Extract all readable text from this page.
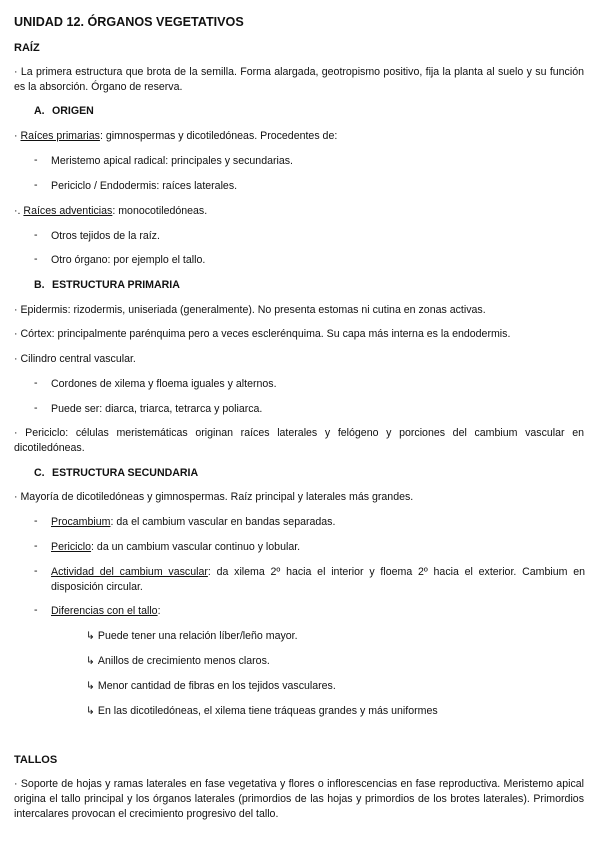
UNIDAD 12. ÓRGANOS VEGETATIVOS
RAÍZ
· La primera estructura que brota de la semilla. Forma alargada, geotropismo positivo, fija la planta al suelo y su función es la absorción. Órgano de reserva.
A. ORIGEN
· Raíces primarias: gimnospermas y dicotiledóneas. Procedentes de:
- Meristemo apical radical: principales y secundarias.
- Periciclo / Endodermis: raíces laterales.
·. Raíces adventicias: monocotiledóneas.
- Otros tejidos de la raíz.
- Otro órgano: por ejemplo el tallo.
B. ESTRUCTURA PRIMARIA
· Epidermis: rizodermis, uniseriada (generalmente). No presenta estomas ni cutina en zonas activas.
· Córtex: principalmente parénquima pero a veces esclerénquima. Su capa más interna es la endodermis.
· Cilindro central vascular.
- Cordones de xilema y floema iguales y alternos.
- Puede ser: diarca, triarca, tetrarca y poliarca.
· Periciclo: células meristemáticas originan raíces laterales y felógeno y porciones del cambium vascular en dicotiledóneas.
C. ESTRUCTURA SECUNDARIA
· Mayoría de dicotiledóneas y gimnospermas. Raíz principal y laterales más grandes.
- Procambium: da el cambium vascular en bandas separadas.
- Periciclo: da un cambium vascular continuo y lobular.
- Actividad del cambium vascular: da xilema 2º hacia el interior y floema 2º hacia el exterior. Cambium en disposición circular.
- Diferencias con el tallo:
↳ Puede tener una relación líber/leño mayor.
↳ Anillos de crecimiento menos claros.
↳ Menor cantidad de fibras en los tejidos vasculares.
↳ En las dicotiledóneas, el xilema tiene tráqueas grandes y más uniformes
TALLOS
· Soporte de hojas y ramas laterales en fase vegetativa y flores o inflorescencias en fase reproductiva. Meristemo apical origina el tallo principal y los órganos laterales (primordios de las hojas y primordios de los brotes laterales). Primordios intercalares provocan el crecimiento progresivo del tallo.
